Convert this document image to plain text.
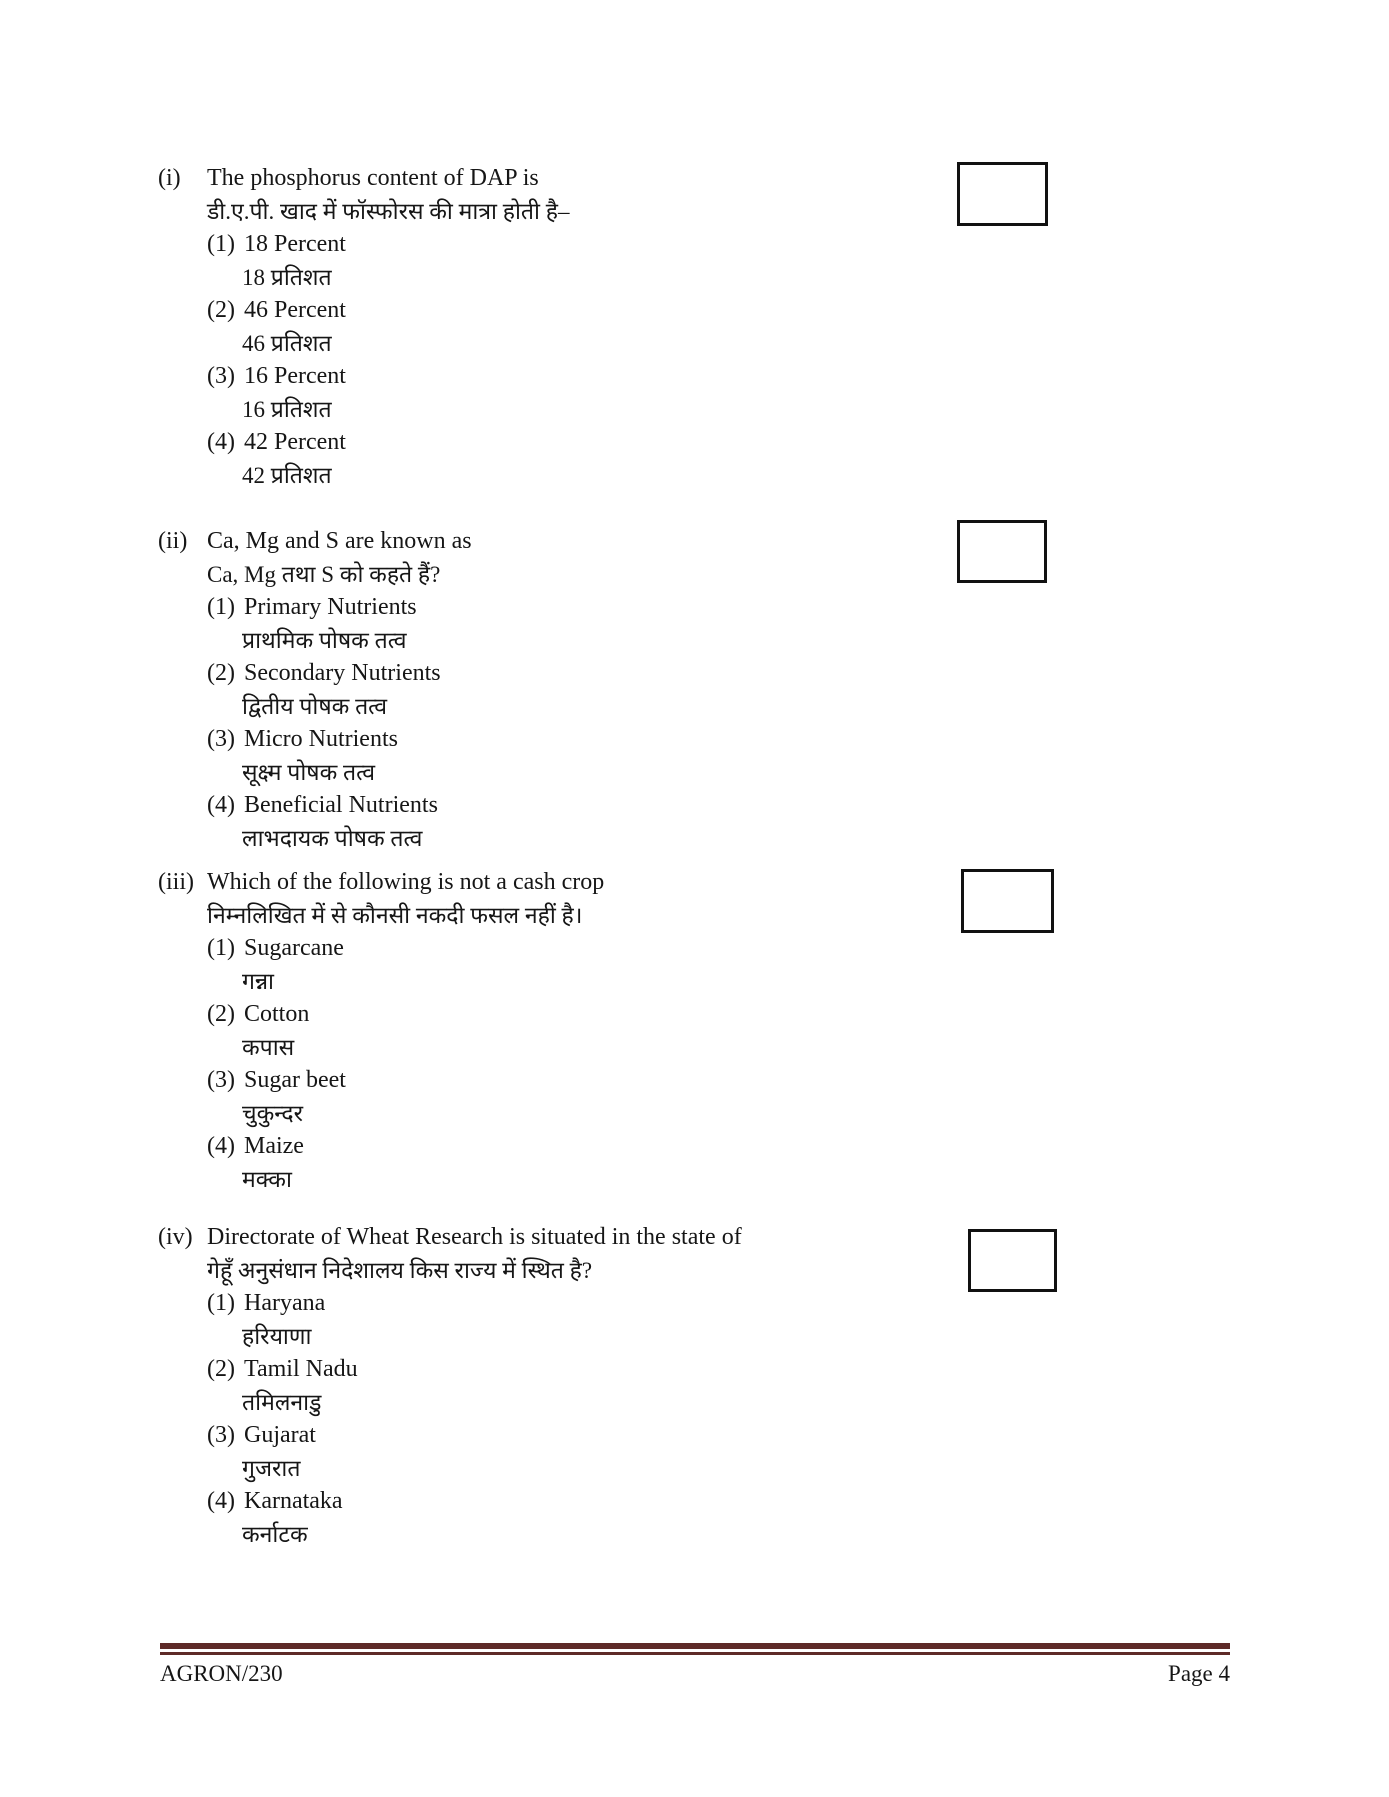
(i)	The phosphorus content of DAP is
डी.ए.पी. खाद में फॉस्फोरस की मात्रा होती है–
(1) 18 Percent
18 प्रतिशत
(2) 46 Percent
46 प्रतिशत
(3) 16 Percent
16 प्रतिशत
(4) 42 Percent
42 प्रतिशत
(ii) Ca, Mg and S are known as
Ca, Mg तथा S को कहते हैं?
(1) Primary Nutrients
प्राथमिक पोषक तत्व
(2) Secondary Nutrients
द्वितीय पोषक तत्व
(3) Micro Nutrients
सूक्ष्म पोषक तत्व
(4) Beneficial Nutrients
लाभदायक पोषक तत्व
(iii) Which of the following is not a cash crop
निम्नलिखित में से कौनसी नकदी फसल नहीं है।
(1) Sugarcane
गन्ना
(2) Cotton
कपास
(3) Sugar beet
चुकुन्दर
(4) Maize
मक्का
(iv) Directorate of Wheat Research is situated in the state of
गेहूँ अनुसंधान निदेशालय किस राज्य में स्थित है?
(1) Haryana
हरियाणा
(2) Tamil Nadu
तमिलनाडु
(3) Gujarat
गुजरात
(4) Karnataka
कर्नाटक
AGRON/230	Page 4
